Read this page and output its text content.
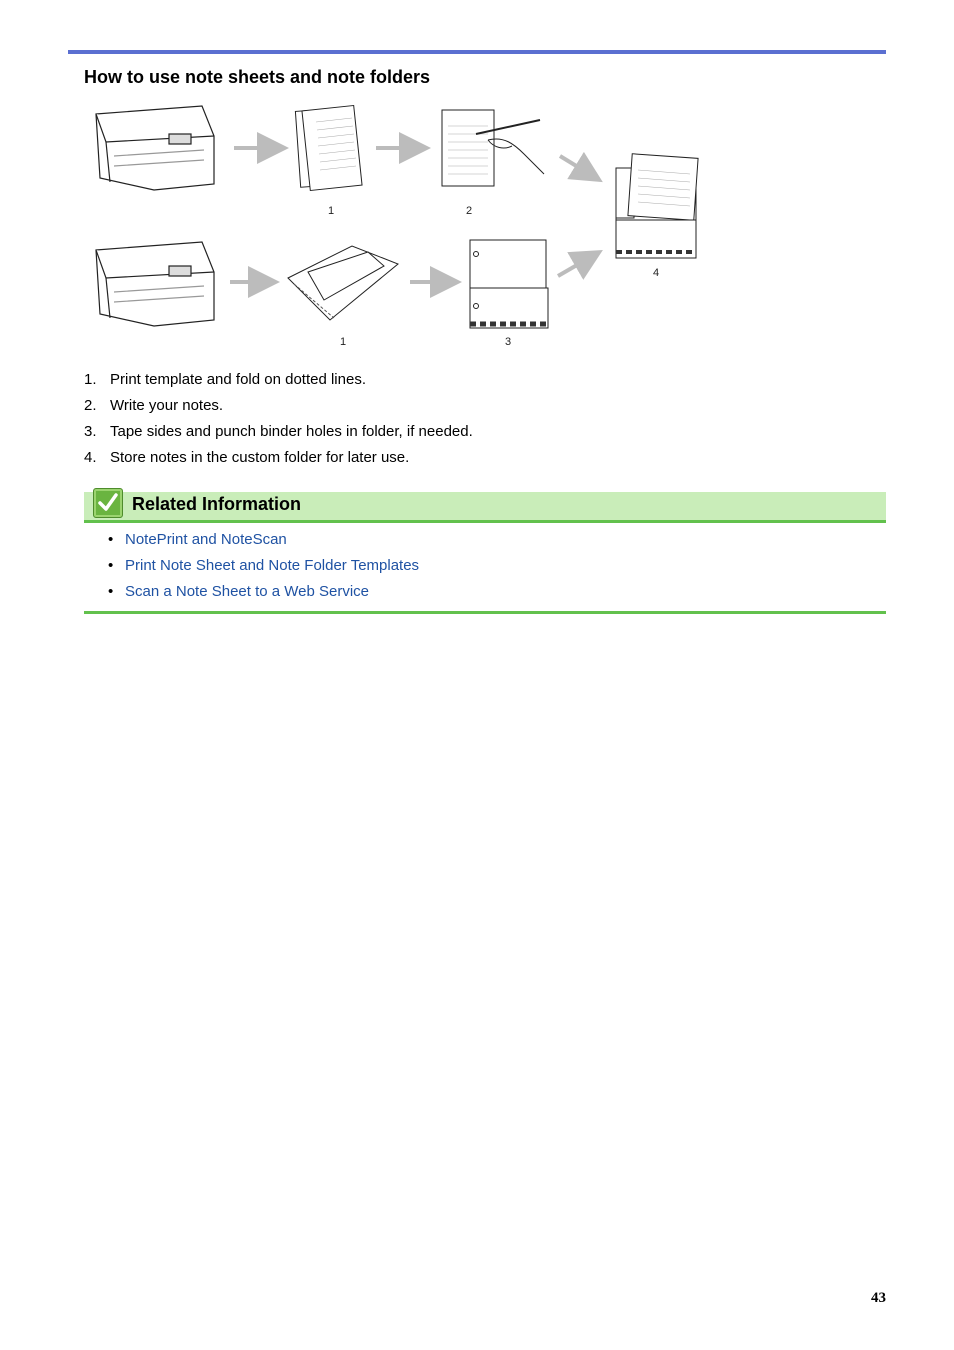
How to use note sheets and note folders
1	2
1	3
4
1. Print template and fold on dotted lines.
2. Write your notes.
3. Tape sides and punch binder holes in folder, if needed.
4. Store notes in the custom folder for later use.
Related Information
• NotePrint and NoteScan
• Print Note Sheet and Note Folder Templates
• Scan a Note Sheet to a Web Service
43
